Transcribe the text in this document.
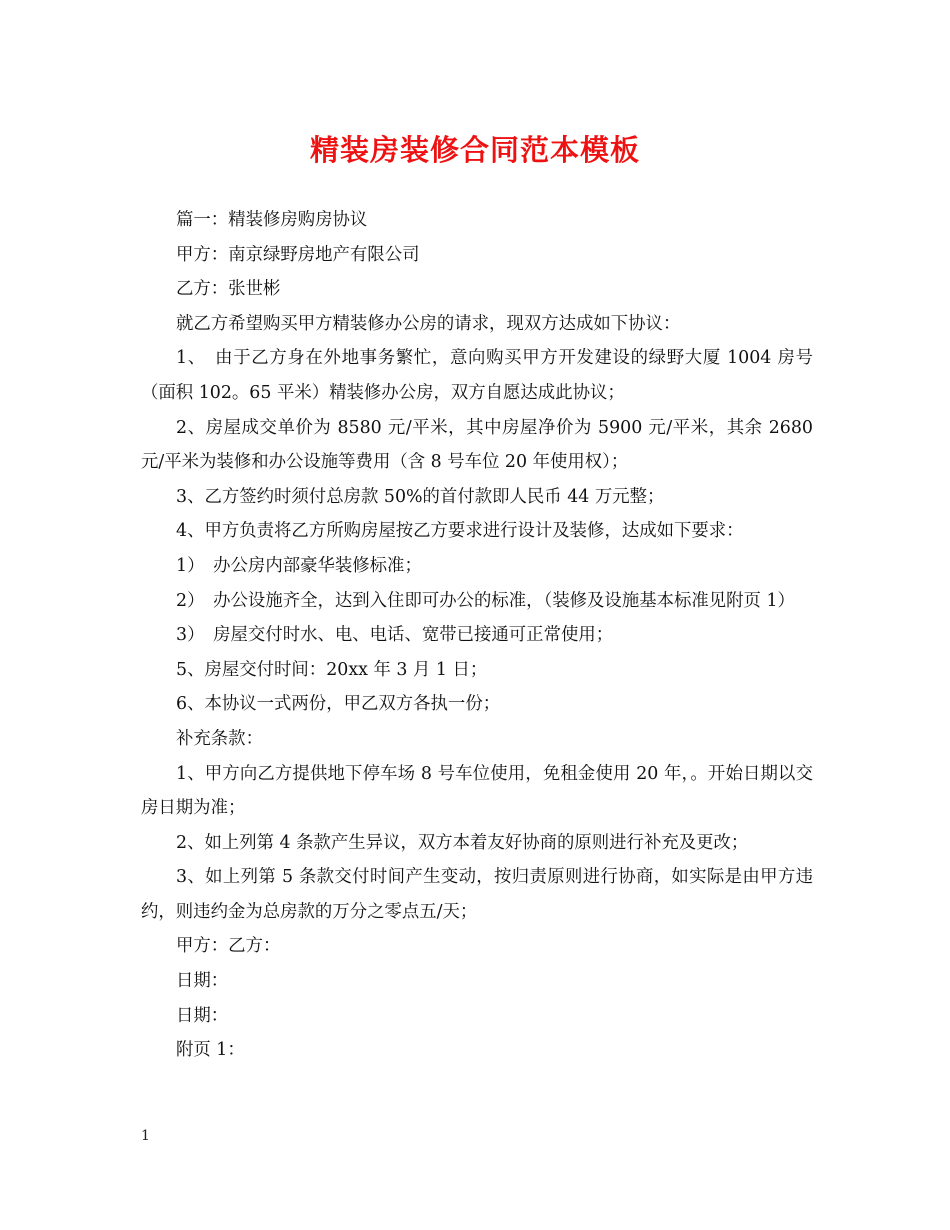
精装房装修合同范本模板

篇一：精装修房购房协议

甲方：南京绿野房地产有限公司

乙方：张世彬

就乙方希望购买甲方精装修办公房的请求，现双方达成如下协议：

1、　由于乙方身在外地事务繁忙，意向购买甲方开发建设的绿野大厦 1004 房号（面积 102。65 平米）精装修办公房，双方自愿达成此协议；

2、房屋成交单价为 8580 元/平米，其中房屋净价为 5900 元/平米，其余 2680 元/平米为装修和办公设施等费用（含 8 号车位 20 年使用权）；

3、乙方签约时须付总房款 50%的首付款即人民币 44 万元整；

4、甲方负责将乙方所购房屋按乙方要求进行设计及装修，达成如下要求：

1）　办公房内部豪华装修标准；

2）　办公设施齐全，达到入住即可办公的标准，（装修及设施基本标准见附页 1）

3）　房屋交付时水、电、电话、宽带已接通可正常使用；

5、房屋交付时间：20xx 年 3 月 1 日；

6、本协议一式两份，甲乙双方各执一份；

补充条款：

1、甲方向乙方提供地下停车场 8 号车位使用，免租金使用 20 年，。开始日期以交房日期为准；

2、如上列第 4 条款产生异议，双方本着友好协商的原则进行补充及更改；

3、如上列第 5 条款交付时间产生变动，按归责原则进行协商，如实际是由甲方违约，则违约金为总房款的万分之零点五/天；

甲方：乙方：

日期：

日期：

附页 1：

1
